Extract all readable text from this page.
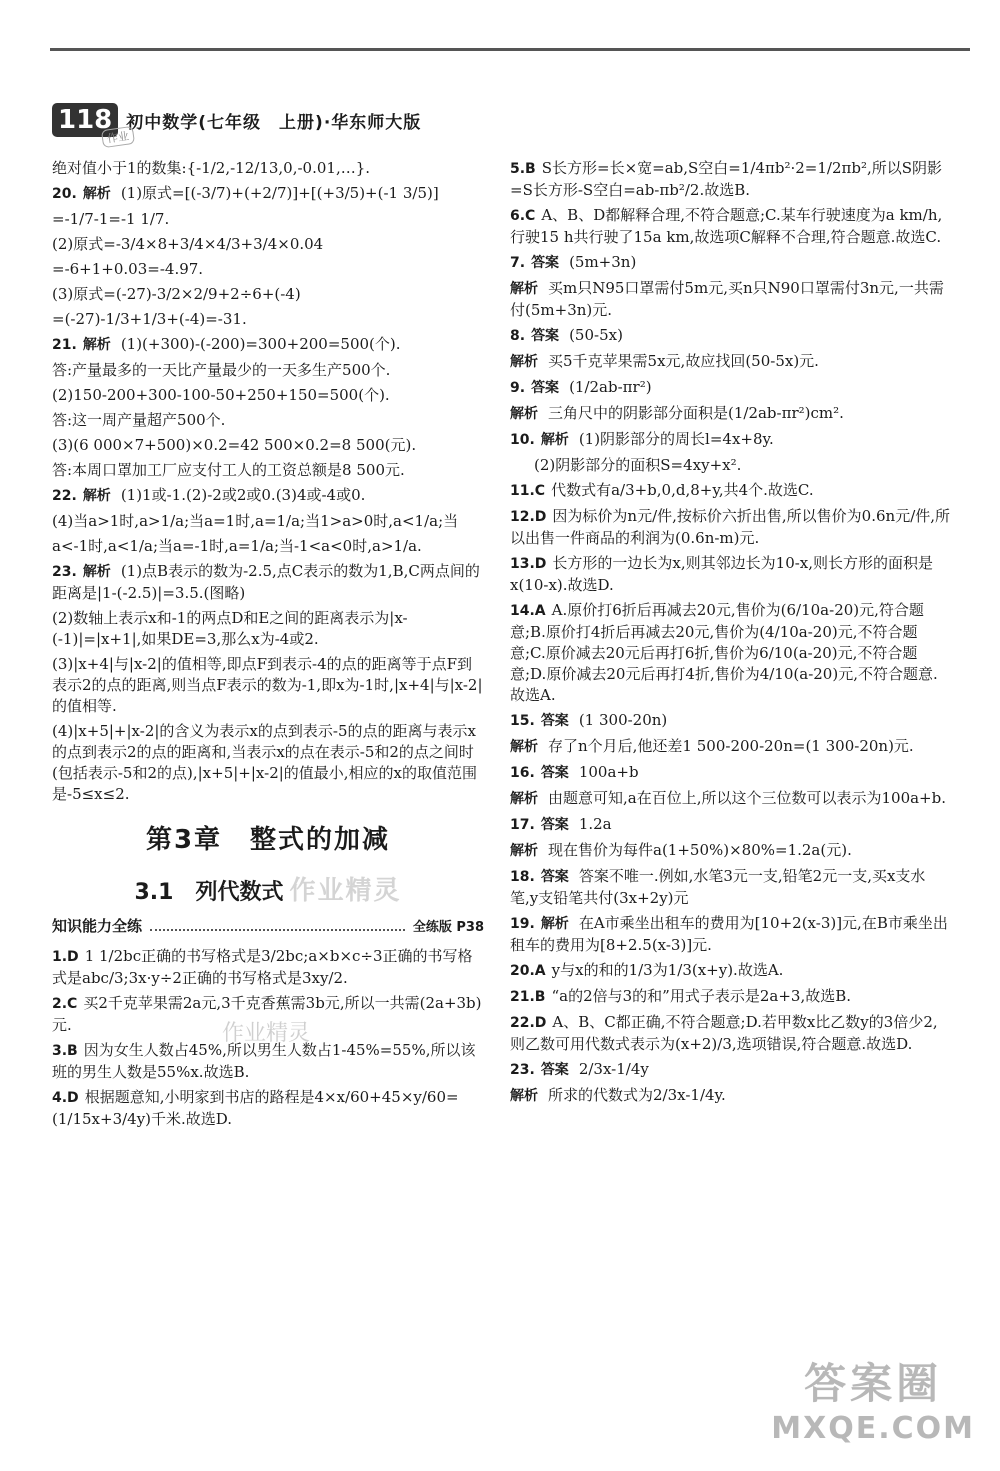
118 初中数学(七年级　上册)·华东师大版
作业
绝对值小于1的数集:{-1/2,-12/13,0,-0.01,…}.
20. 解析 (1)原式=[(-3/7)+(+2/7)]+[(+3/5)+(-1 3/5)]
=-1/7-1=-1 1/7.
(2)原式=-3/4×8+3/4×4/3+3/4×0.04
=-6+1+0.03=-4.97.
(3)原式=(-27)-3/2×2/9+2÷6+(-4)
=(-27)-1/3+1/3+(-4)=-31.
21. 解析 (1)(+300)-(-200)=300+200=500(个).
答:产量最多的一天比产量最少的一天多生产500个.
(2)150-200+300-100-50+250+150=500(个).
答:这一周产量超产500个.
(3)(6 000×7+500)×0.2=42 500×0.2=8 500(元).
答:本周口罩加工厂应支付工人的工资总额是8 500元.
22. 解析 (1)1或-1.(2)-2或2或0.(3)4或-4或0.
(4)当a>1时,a>1/a;当a=1时,a=1/a;当1>a>0时,a<1/a;当
a<-1时,a<1/a;当a=-1时,a=1/a;当-1<a<0时,a>1/a.
23. 解析 (1)点B表示的数为-2.5,点C表示的数为1,B,C两点间的距离是|1-(-2.5)|=3.5.(图略)
(2)数轴上表示x和-1的两点D和E之间的距离表示为|x-(-1)|=|x+1|,如果DE=3,那么x为-4或2.
(3)|x+4|与|x-2|的值相等,即点F到表示-4的点的距离等于点F到表示2的点的距离,则当点F表示的数为-1,即x为-1时,|x+4|与|x-2|的值相等.
(4)|x+5|+|x-2|的含义为表示x的点到表示-5的点的距离与表示x的点到表示2的点的距离和,当表示x的点在表示-5和2的点之间时(包括表示-5和2的点),|x+5|+|x-2|的值最小,相应的x的取值范围是-5≤x≤2.
第3章　整式的加减
3.1　列代数式 作业精灵
知识能力全练	全练版 P38
1.D 1 1/2bc正确的书写格式是3/2bc;a×b×c÷3正确的书写格式是abc/3;3x·y÷2正确的书写格式是3xy/2.
2.C 买2千克苹果需2a元,3千克香蕉需3b元,所以一共需(2a+3b)元.
3.B 因为女生人数占45%,所以男生人数占1-45%=55%,所以该班的男生人数是55%x.故选B.
4.D 根据题意知,小明家到书店的路程是4×x/60+45×y/60=(1/15x+3/4y)千米.故选D.
作业精灵
5.B S长方形=长×宽=ab,S空白=1/4πb²·2=1/2πb²,所以S阴影=S长方形-S空白=ab-πb²/2.故选B.
6.C A、B、D都解释合理,不符合题意;C.某车行驶速度为a km/h,行驶15 h共行驶了15a km,故选项C解释不合理,符合题意.故选C.
7. 答案 (5m+3n)
解析 买m只N95口罩需付5m元,买n只N90口罩需付3n元,一共需付(5m+3n)元.
8. 答案 (50-5x)
解析 买5千克苹果需5x元,故应找回(50-5x)元.
9. 答案 (1/2ab-πr²)
解析 三角尺中的阴影部分面积是(1/2ab-πr²)cm².
10. 解析 (1)阴影部分的周长l=4x+8y.
(2)阴影部分的面积S=4xy+x².
11.C 代数式有a/3+b,0,d,8+y,共4个.故选C.
12.D 因为标价为n元/件,按标价六折出售,所以售价为0.6n元/件,所以出售一件商品的利润为(0.6n-m)元.
13.D 长方形的一边长为x,则其邻边长为10-x,则长方形的面积是x(10-x).故选D.
14.A A.原价打6折后再减去20元,售价为(6/10a-20)元,符合题意;B.原价打4折后再减去20元,售价为(4/10a-20)元,不符合题意;C.原价减去20元后再打6折,售价为6/10(a-20)元,不符合题意;D.原价减去20元后再打4折,售价为4/10(a-20)元,不符合题意.故选A.
15. 答案 (1 300-20n)
解析 存了n个月后,他还差1 500-200-20n=(1 300-20n)元.
16. 答案 100a+b
解析 由题意可知,a在百位上,所以这个三位数可以表示为100a+b.
17. 答案 1.2a
解析 现在售价为每件a(1+50%)×80%=1.2a(元).
18. 答案 答案不唯一.例如,水笔3元一支,铅笔2元一支,买x支水笔,y支铅笔共付(3x+2y)元
19. 解析 在A市乘坐出租车的费用为[10+2(x-3)]元,在B市乘坐出租车的费用为[8+2.5(x-3)]元.
20.A y与x的和的1/3为1/3(x+y).故选A.
21.B “a的2倍与3的和”用式子表示是2a+3,故选B.
22.D A、B、C都正确,不符合题意;D.若甲数x比乙数y的3倍少2,则乙数可用代数式表示为(x+2)/3,选项错误,符合题意.故选D.
23. 答案 2/3x-1/4y
解析 所求的代数式为2/3x-1/4y.
答案圈
MXQE.COM
